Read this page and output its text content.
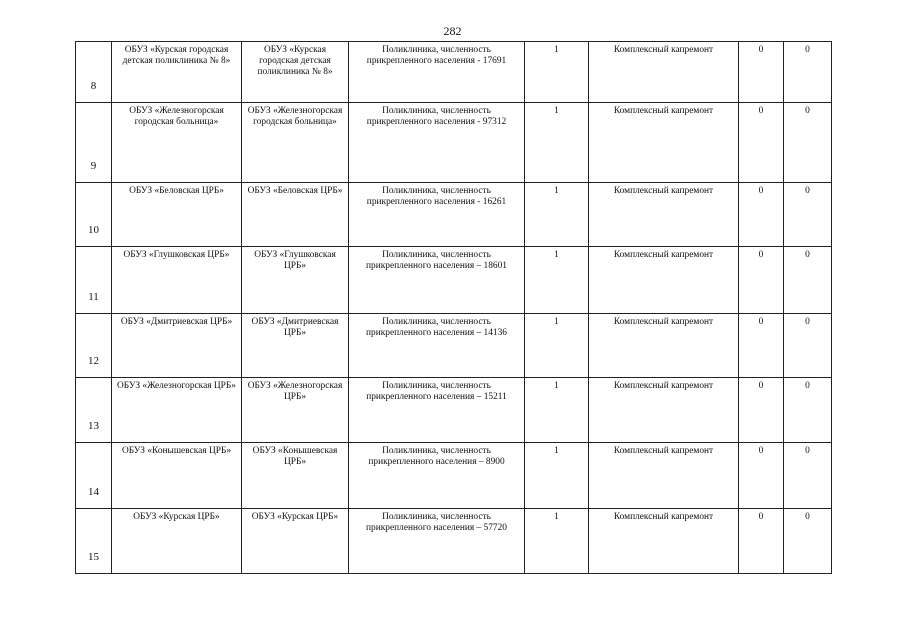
282
8	ОБУЗ «Курская городская детская поликлиника № 8»	ОБУЗ «Курская городская детская поликлиника № 8»	Поликлиника, численность прикрепленного населения - 17691	1	Комплексный капремонт	0	0
9	ОБУЗ «Железногорская городская больница»	ОБУЗ «Железногорская городская больница»	Поликлиника, численность прикрепленного населения - 97312	1	Комплексный капремонт	0	0
10	ОБУЗ «Беловская ЦРБ»	ОБУЗ «Беловская ЦРБ»	Поликлиника, численность прикрепленного населения - 16261	1	Комплексный капремонт	0	0
11	ОБУЗ «Глушковская ЦРБ»	ОБУЗ «Глушковская ЦРБ»	Поликлиника, численность прикрепленного населения – 18601	1	Комплексный капремонт	0	0
12	ОБУЗ «Дмитриевская ЦРБ»	ОБУЗ «Дмитриевская ЦРБ»	Поликлиника, численность прикрепленного населения – 14136	1	Комплексный капремонт	0	0
13	ОБУЗ «Железногорская ЦРБ»	ОБУЗ «Железногорская ЦРБ»	Поликлиника, численность прикрепленного населения – 15211	1	Комплексный капремонт	0	0
14	ОБУЗ «Конышевская ЦРБ»	ОБУЗ «Конышевская ЦРБ»	Поликлиника, численность прикрепленного населения – 8900	1	Комплексный капремонт	0	0
15	ОБУЗ «Курская ЦРБ»	ОБУЗ «Курская ЦРБ»	Поликлиника, численность прикрепленного населения – 57720	1	Комплексный капремонт	0	0
